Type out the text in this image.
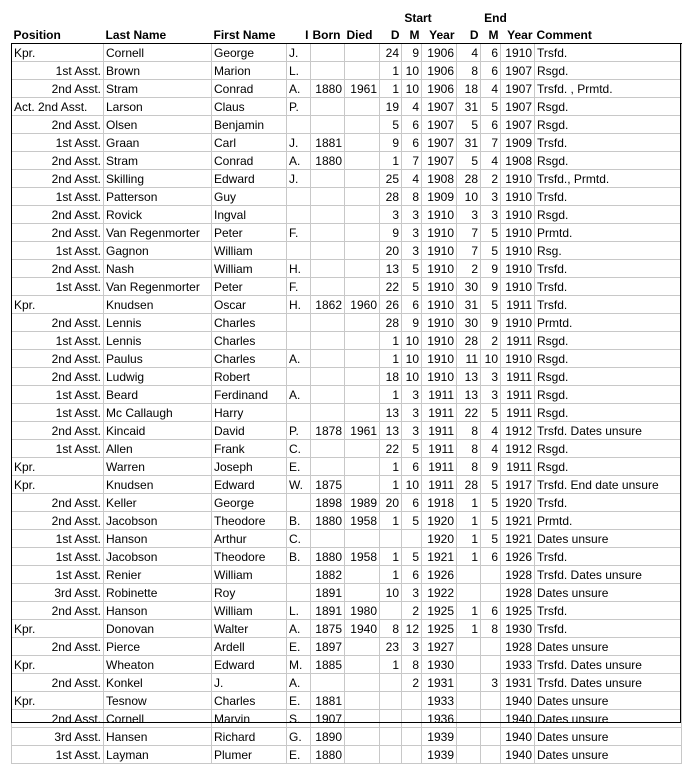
						Start			End			
Position	Last Name	First Name	I	Born	Died	D	M	Year	D	M	Year	Comment
Kpr.	Cornell	George	J.			24	9	1906	4	6	1910	Trsfd.
1st Asst.	Brown	Marion	L.			1	10	1906	8	6	1907	Rsgd.
2nd Asst.	Stram	Conrad	A.	1880	1961	1	10	1906	18	4	1907	Trsfd. , Prmtd.
Act. 2nd Asst.	Larson	Claus	P.			19	4	1907	31	5	1907	Rsgd.
2nd Asst.	Olsen	Benjamin				5	6	1907	5	6	1907	Rsgd.
1st Asst.	Graan	Carl	J.	1881		9	6	1907	31	7	1909	Trsfd.
2nd Asst.	Stram	Conrad	A.	1880		1	7	1907	5	4	1908	Rsgd.
2nd Asst.	Skilling	Edward	J.			25	4	1908	28	2	1910	Trsfd., Prmtd.
1st Asst.	Patterson	Guy				28	8	1909	10	3	1910	Trsfd.
2nd Asst.	Rovick	Ingval				3	3	1910	3	3	1910	Rsgd.
2nd Asst.	Van Regenmorter	Peter	F.			9	3	1910	7	5	1910	Prmtd.
1st Asst.	Gagnon	William				20	3	1910	7	5	1910	Rsg.
2nd Asst.	Nash	William	H.			13	5	1910	2	9	1910	Trsfd.
1st Asst.	Van Regenmorter	Peter	F.			22	5	1910	30	9	1910	Trsfd.
Kpr.	Knudsen	Oscar	H.	1862	1960	26	6	1910	31	5	1911	Trsfd.
2nd Asst.	Lennis	Charles				28	9	1910	30	9	1910	Prmtd.
1st Asst.	Lennis	Charles				1	10	1910	28	2	1911	Rsgd.
2nd Asst.	Paulus	Charles	A.			1	10	1910	11	10	1910	Rsgd.
2nd Asst.	Ludwig	Robert				18	10	1910	13	3	1911	Rsgd.
1st Asst.	Beard	Ferdinand	A.			1	3	1911	13	3	1911	Rsgd.
1st Asst.	Mc Callaugh	Harry				13	3	1911	22	5	1911	Rsgd.
2nd Asst.	Kincaid	David	P.	1878	1961	13	3	1911	8	4	1912	Trsfd. Dates unsure
1st Asst.	Allen	Frank	C.			22	5	1911	8	4	1912	Rsgd.
Kpr.	Warren	Joseph	E.			1	6	1911	8	9	1911	Rsgd.
Kpr.	Knudsen	Edward	W.	1875		1	10	1911	28	5	1917	Trsfd. End date unsure
2nd Asst.	Keller	George		1898	1989	20	6	1918	1	5	1920	Trsfd.
2nd Asst.	Jacobson	Theodore	B.	1880	1958	1	5	1920	1	5	1921	Prmtd.
1st Asst.	Hanson	Arthur	C.					1920	1	5	1921	Dates unsure
1st Asst.	Jacobson	Theodore	B.	1880	1958	1	5	1921	1	6	1926	Trsfd.
1st Asst.	Renier	William		1882		1	6	1926			1928	Trsfd. Dates unsure
3rd Asst.	Robinette	Roy		1891		10	3	1922			1928	Dates unsure
2nd Asst.	Hanson	William	L.	1891	1980		2	1925	1	6	1925	Trsfd.
Kpr.	Donovan	Walter	A.	1875	1940	8	12	1925	1	8	1930	Trsfd.
2nd Asst.	Pierce	Ardell	E.	1897		23	3	1927			1928	Dates unsure
Kpr.	Wheaton	Edward	M.	1885		1	8	1930			1933	Trsfd. Dates unsure
2nd Asst.	Konkel	J.	A.				2	1931		3	1931	Trsfd. Dates unsure
Kpr.	Tesnow	Charles	E.	1881				1933			1940	Dates unsure
2nd Asst.	Cornell	Marvin	S.	1907				1936			1940	Dates unsure
3rd Asst.	Hansen	Richard	G.	1890				1939			1940	Dates unsure
1st Asst.	Layman	Plumer	E.	1880				1939			1940	Dates unsure
